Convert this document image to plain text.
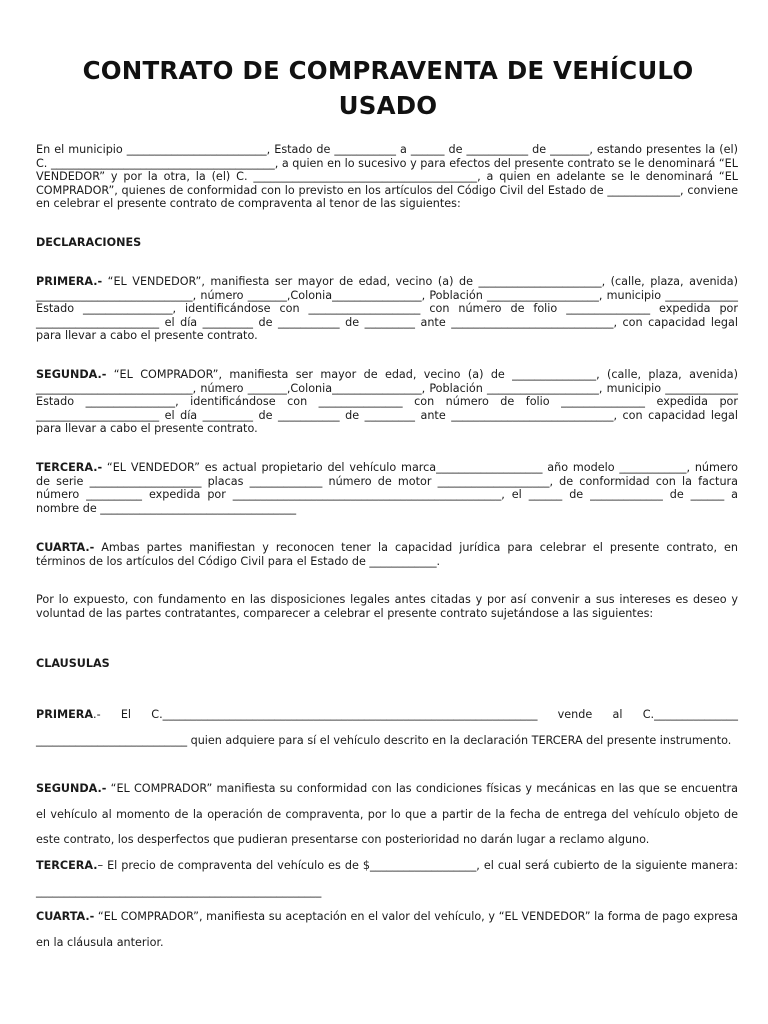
CONTRATO DE COMPRAVENTA DE VEHÍCULO USADO

En el municipio _________________________, Estado de ___________ a ______ de ___________ de _______, estando presentes la (el) C. ________________________________________, a quien en lo sucesivo y para efectos del presente contrato se le denominará “EL VENDEDOR” y por la otra, la (el) C. ________________________________________, a quien en adelante se le denominará “EL COMPRADOR”, quienes de conformidad con lo previsto en los artículos del Código Civil del Estado de _____________, conviene en celebrar el presente contrato de compraventa al tenor de las siguientes:

DECLARACIONES

PRIMERA.- “EL VENDEDOR”, manifiesta ser mayor de edad, vecino (a) de ______________________, (calle, plaza, avenida) ____________________________, número _______,Colonia________________, Población ____________________, municipio _____________ Estado ________________, identificándose con ____________________ con número de folio _______________ expedida por ______________________ el día _________ de ___________ de _________ ante _____________________________, con capacidad legal para llevar a cabo el presente contrato.

SEGUNDA.- “EL COMPRADOR”, manifiesta ser mayor de edad, vecino (a) de _______________, (calle, plaza, avenida) ____________________________, número _______,Colonia________________, Población ____________________, municipio _____________ Estado ________________, identificándose con _______________ con número de folio _______________ expedida por ______________________ el día _________ de ___________ de _________ ante _____________________________, con capacidad legal para llevar a cabo el presente contrato.

TERCERA.- “EL VENDEDOR” es actual propietario del vehículo marca___________________ año modelo ____________, número de serie ____________________ placas _____________ número de motor ____________________, de conformidad con la factura número __________ expedida por ________________________________________________, el ______ de _____________ de ______ a nombre de ___________________________________

CUARTA.- Ambas partes manifiestan y reconocen tener la capacidad jurídica para celebrar el presente contrato, en términos de los artículos del Código Civil para el Estado de ____________.

Por lo expuesto, con fundamento en las disposiciones legales antes citadas y por así convenir a sus intereses es deseo y voluntad de las partes contratantes, comparecer a celebrar el presente contrato sujetándose a las siguientes:

CLAUSULAS

PRIMERA.- El C.___________________________________________________________________ vende al C._______________ ___________________________ quien adquiere para sí el vehículo descrito en la declaración TERCERA del presente instrumento.

SEGUNDA.- “EL COMPRADOR” manifiesta su conformidad con las condiciones físicas y mecánicas en las que se encuentra el vehículo al momento de la operación de compraventa, por lo que a partir de la fecha de entrega del vehículo objeto de este contrato, los desperfectos que pudieran presentarse con posterioridad no darán lugar a reclamo alguno.

TERCERA.– El precio de compraventa del vehículo es de $___________________, el cual será cubierto de la siguiente manera: ___________________________________________________

CUARTA.- “EL COMPRADOR”, manifiesta su aceptación en el valor del vehículo, y “EL VENDEDOR” la forma de pago expresa en la cláusula anterior.
